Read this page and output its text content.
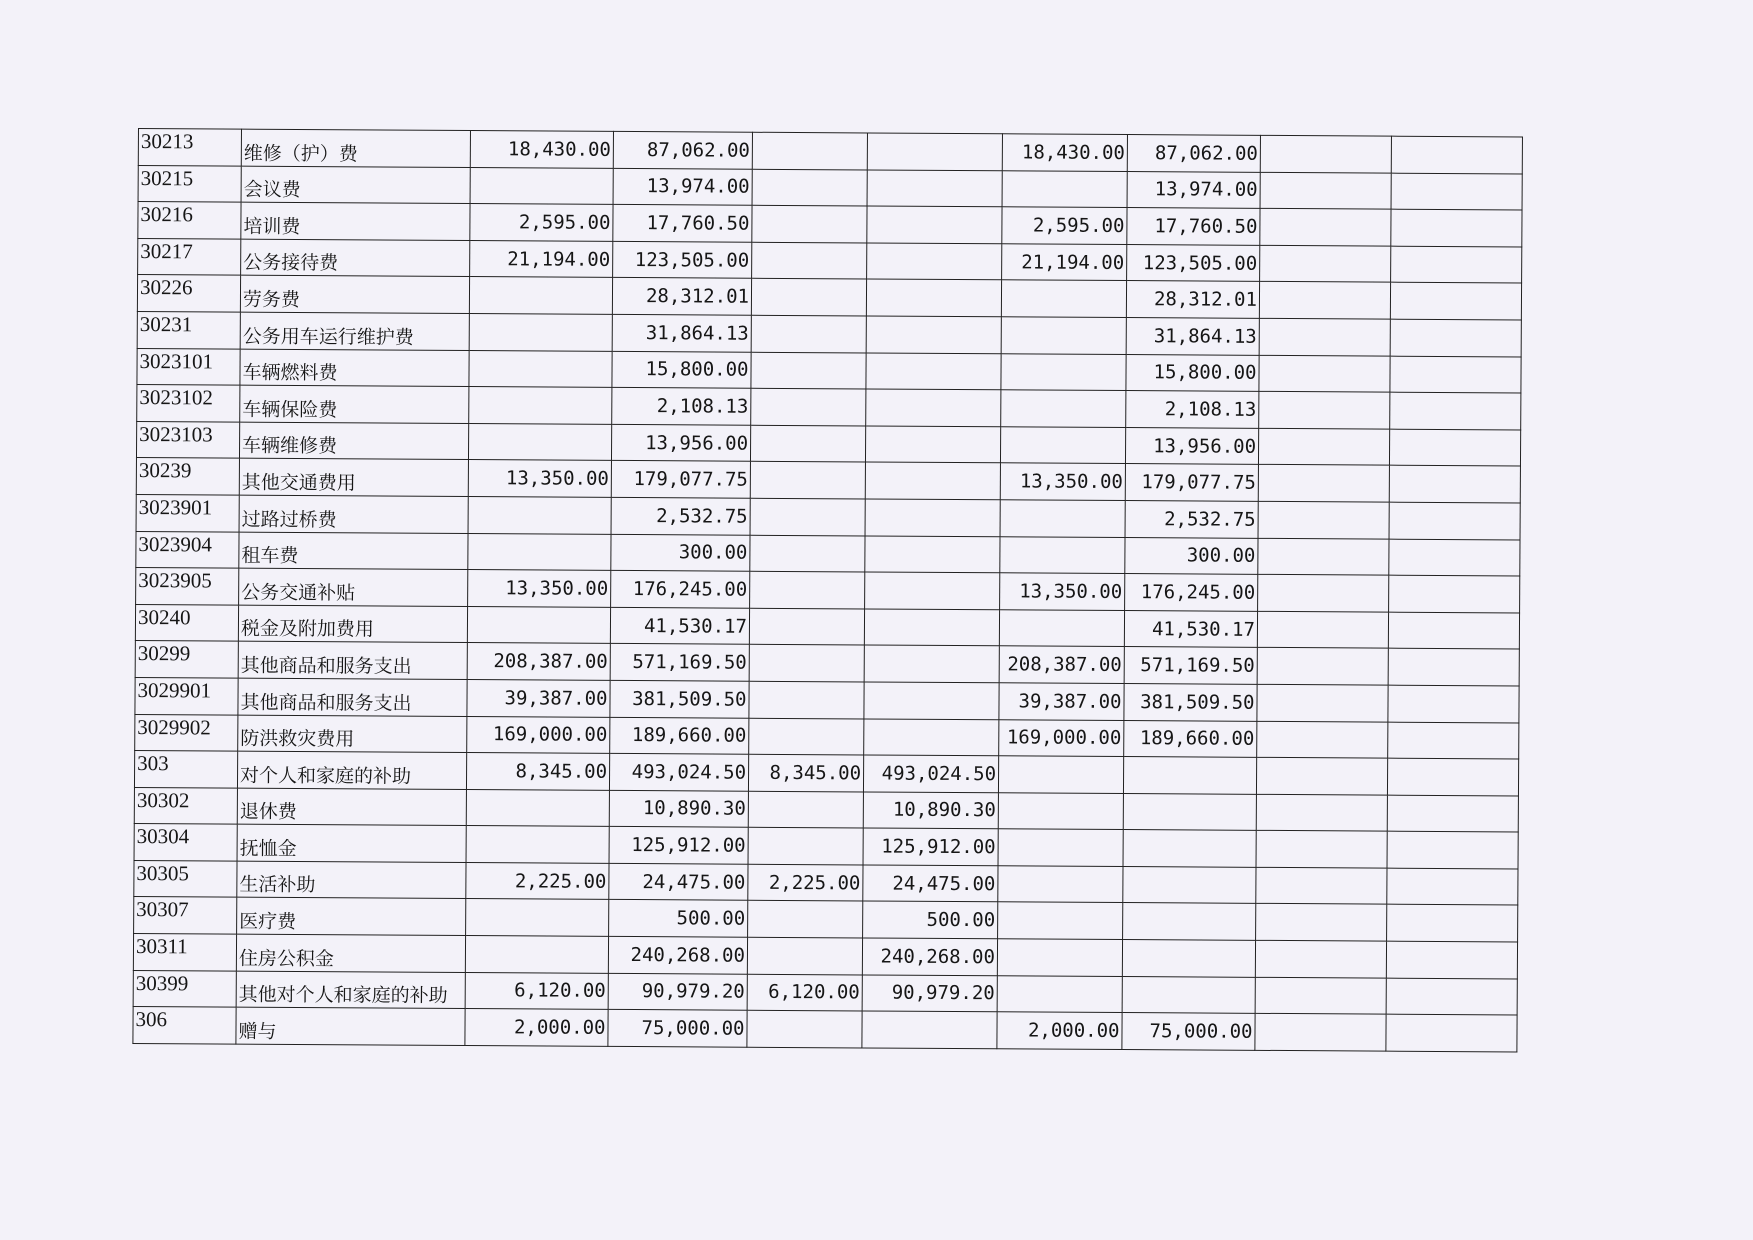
30213	维修（护）费	18,430.00	87,062.00			18,430.00	87,062.00		
30215	会议费		13,974.00				13,974.00		
30216	培训费	2,595.00	17,760.50			2,595.00	17,760.50		
30217	公务接待费	21,194.00	123,505.00			21,194.00	123,505.00		
30226	劳务费		28,312.01				28,312.01		
30231	公务用车运行维护费		31,864.13				31,864.13		
3023101	车辆燃料费		15,800.00				15,800.00		
3023102	车辆保险费		2,108.13				2,108.13		
3023103	车辆维修费		13,956.00				13,956.00		
30239	其他交通费用	13,350.00	179,077.75			13,350.00	179,077.75		
3023901	过路过桥费		2,532.75				2,532.75		
3023904	租车费		300.00				300.00		
3023905	公务交通补贴	13,350.00	176,245.00			13,350.00	176,245.00		
30240	税金及附加费用		41,530.17				41,530.17		
30299	其他商品和服务支出	208,387.00	571,169.50			208,387.00	571,169.50		
3029901	其他商品和服务支出	39,387.00	381,509.50			39,387.00	381,509.50		
3029902	防洪救灾费用	169,000.00	189,660.00			169,000.00	189,660.00		
303	对个人和家庭的补助	8,345.00	493,024.50	8,345.00	493,024.50				
30302	退休费		10,890.30		10,890.30				
30304	抚恤金		125,912.00		125,912.00				
30305	生活补助	2,225.00	24,475.00	2,225.00	24,475.00				
30307	医疗费		500.00		500.00				
30311	住房公积金		240,268.00		240,268.00				
30399	其他对个人和家庭的补助	6,120.00	90,979.20	6,120.00	90,979.20				
306	赠与	2,000.00	75,000.00			2,000.00	75,000.00		
